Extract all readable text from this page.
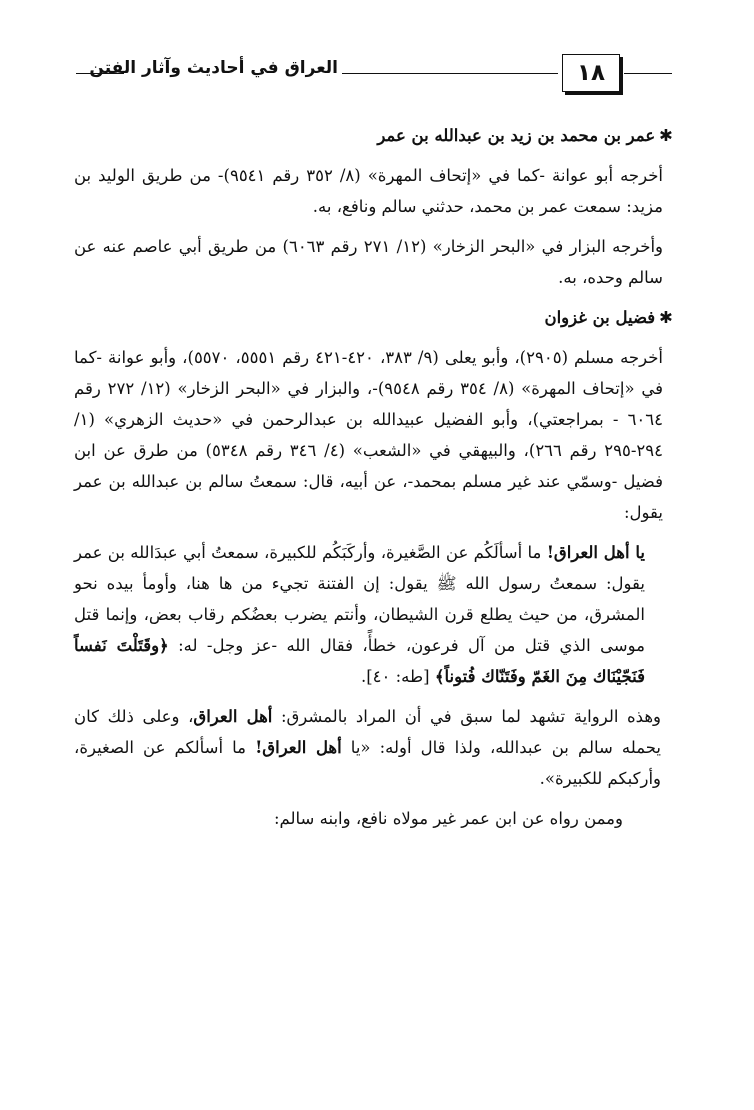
العراق في أحاديث وآثار الفتن	١٨

✱عمر بن محمد بن زيد بن عبدالله بن عمر

أخرجه أبو عوانة -كما في «إتحاف المهرة» (٨/ ٣٥٢ رقم ٩٥٤١)- من طريق الوليد بن مزيد: سمعت عمر بن محمد، حدثني سالم ونافع، به.

وأخرجه البزار في «البحر الزخار» (١٢/ ٢٧١ رقم ٦٠٦٣) من طريق أبي عاصم عنه عن سالم وحده، به.

✱فضيل بن غزوان

أخرجه مسلم (٢٩٠٥)، وأبو يعلى (٩/ ٣٨٣، ٤٢٠-٤٢١ رقم ٥٥٥١، ٥٥٧٠)، وأبو عوانة -كما في «إتحاف المهرة» (٨/ ٣٥٤ رقم ٩٥٤٨)-، والبزار في «البحر الزخار» (١٢/ ٢٧٢ رقم ٦٠٦٤ - بمراجعتي)، وأبو الفضيل عبيدالله بن عبدالرحمن في «حديث الزهري» (١/ ٢٩٤-٢٩٥ رقم ٢٦٦)، والبيهقي في «الشعب» (٤/ ٣٤٦ رقم ٥٣٤٨) من طرق عن ابن فضيل -وسمّي عند غير مسلم بمحمد-، عن أبيه، قال: سمعتُ سالم بن عبدالله بن عمر يقول:

يا أهل العراق! ما أسألَكُم عن الصَّغيرة، وأركَبَكُم للكبيرة، سمعتُ أبي عبدَالله بن عمر يقول: سمعتُ رسول الله ﷺ يقول: إن الفتنة تجيء من ها هنا، وأومأ بيده نحو المشرق، من حيث يطلع قرن الشيطان، وأنتم يضرب بعضُكم رقاب بعض، وإنما قتل موسى الذي قتل من آل فرعون، خطأً، فقال الله -عز وجل- له: ﴿وقَتَلْتَ نَفساً فَنَجّيْنَاك مِنَ الغَمّ وفَتَنّاك فُتوناً﴾ [طه: ٤٠].

وهذه الرواية تشهد لما سبق في أن المراد بالمشرق: أهل العراق، وعلى ذلك كان يحمله سالم بن عبدالله، ولذا قال أوله: «يا أهل العراق! ما أسألكم عن الصغيرة، وأركبكم للكبيرة».

وممن رواه عن ابن عمر غير مولاه نافع، وابنه سالم:
